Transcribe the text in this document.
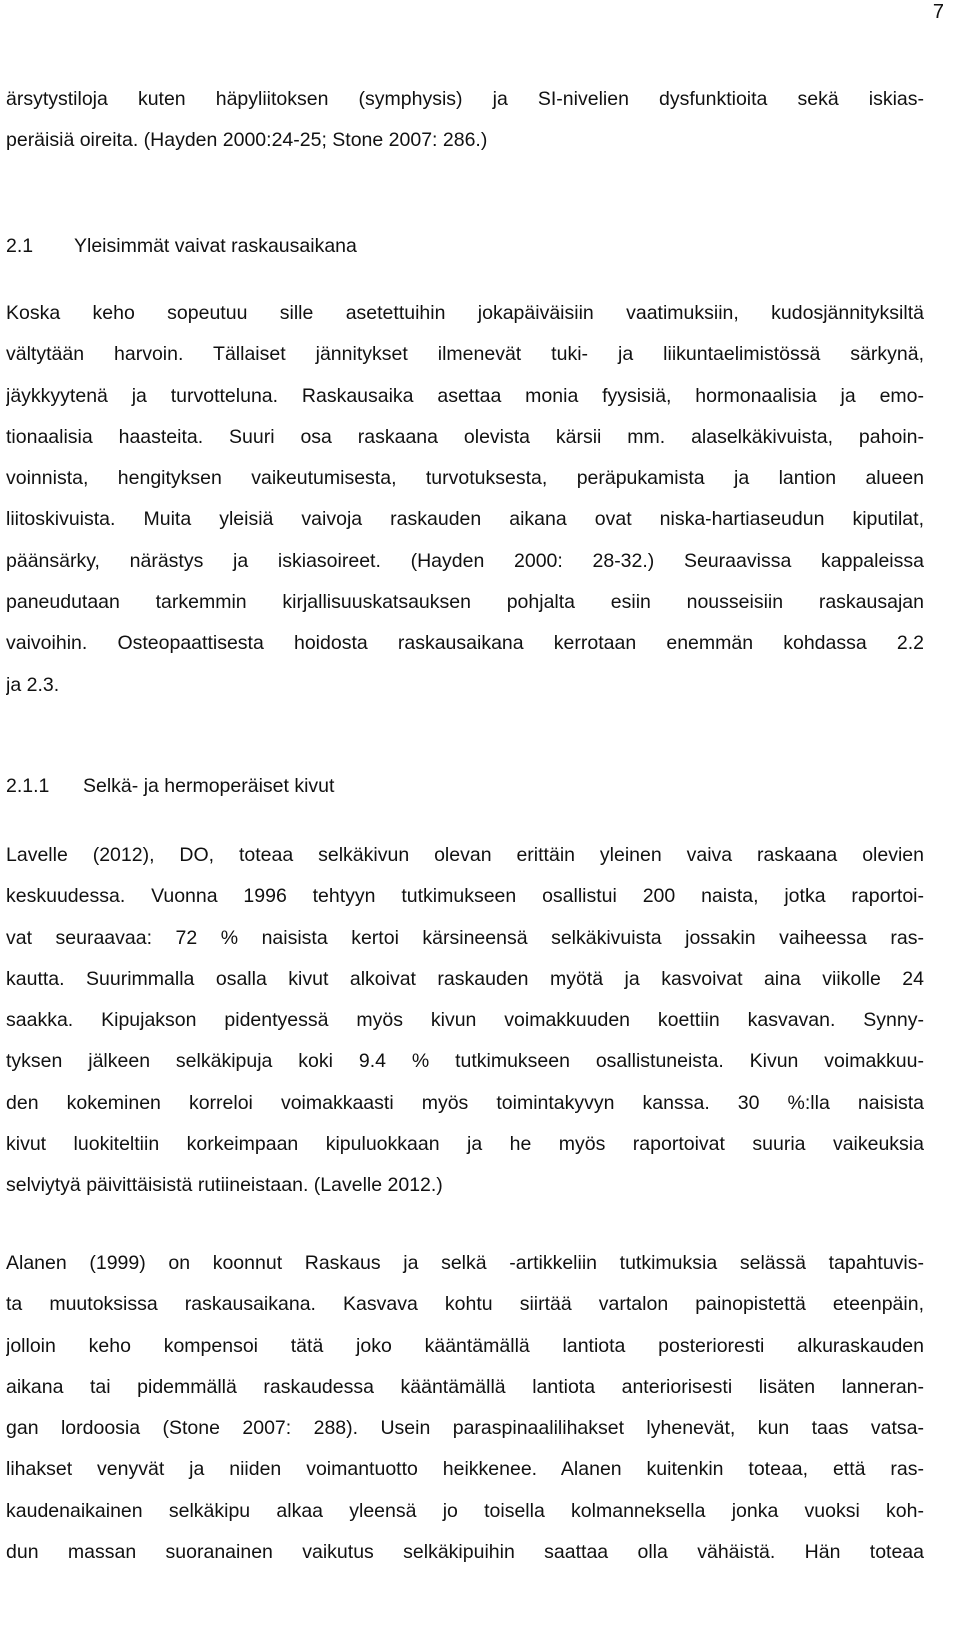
7
ärsytystiloja kuten häpyliitoksen (symphysis) ja SI-nivelien dysfunktioita sekä iskias-
peräisiä oireita. (Hayden 2000:24-25; Stone 2007: 286.)
2.1	Yleisimmät vaivat raskausaikana
Koska keho sopeutuu sille asetettuihin jokapäiväisiin vaatimuksiin, kudosjännityksiltä
vältytään harvoin. Tällaiset jännitykset ilmenevät tuki- ja liikuntaelimistössä särkynä,
jäykkyytenä ja turvotteluna. Raskausaika asettaa monia fyysisiä, hormonaalisia ja emo-
tionaalisia haasteita. Suuri osa raskaana olevista kärsii mm. alaselkäkivuista, pahoin-
voinnista, hengityksen vaikeutumisesta, turvotuksesta, peräpukamista ja lantion alueen
liitoskivuista. Muita yleisiä vaivoja raskauden aikana ovat niska-hartiaseudun kiputilat,
päänsärky, närästys ja iskiasoireet. (Hayden 2000: 28-32.) Seuraavissa kappaleissa
paneudutaan tarkemmin kirjallisuuskatsauksen pohjalta esiin nousseisiin raskausajan
vaivoihin. Osteopaattisesta hoidosta raskausaikana kerrotaan enemmän kohdassa 2.2
ja 2.3.
2.1.1	Selkä- ja hermoperäiset kivut
Lavelle (2012), DO, toteaa selkäkivun olevan erittäin yleinen vaiva raskaana olevien
keskuudessa. Vuonna 1996 tehtyyn tutkimukseen osallistui 200 naista, jotka raportoi-
vat seuraavaa: 72 % naisista kertoi kärsineensä selkäkivuista jossakin vaiheessa ras-
kautta. Suurimmalla osalla kivut alkoivat raskauden myötä ja kasvoivat aina viikolle 24
saakka. Kipujakson pidentyessä myös kivun voimakkuuden koettiin kasvavan. Synny-
tyksen jälkeen selkäkipuja koki 9.4 % tutkimukseen osallistuneista. Kivun voimakkuu-
den kokeminen korreloi voimakkaasti myös toimintakyvyn kanssa. 30 %:lla naisista
kivut luokiteltiin korkeimpaan kipuluokkaan ja he myös raportoivat suuria vaikeuksia
selviytyä päivittäisistä rutiineistaan. (Lavelle 2012.)
Alanen (1999) on koonnut Raskaus ja selkä -artikkeliin tutkimuksia selässä tapahtuvis-
ta muutoksissa raskausaikana. Kasvava kohtu siirtää vartalon painopistettä eteenpäin,
jolloin keho kompensoi tätä joko kääntämällä lantiota posterioresti alkuraskauden
aikana tai pidemmällä raskaudessa kääntämällä lantiota anteriorisesti lisäten lanneran-
gan lordoosia (Stone 2007: 288). Usein paraspinaalilihakset lyhenevät, kun taas vatsa-
lihakset venyvät ja niiden voimantuotto heikkenee. Alanen kuitenkin toteaa, että ras-
kaudenaikainen selkäkipu alkaa yleensä jo toisella kolmanneksella jonka vuoksi koh-
dun massan suoranainen vaikutus selkäkipuihin saattaa olla vähäistä. Hän toteaa
